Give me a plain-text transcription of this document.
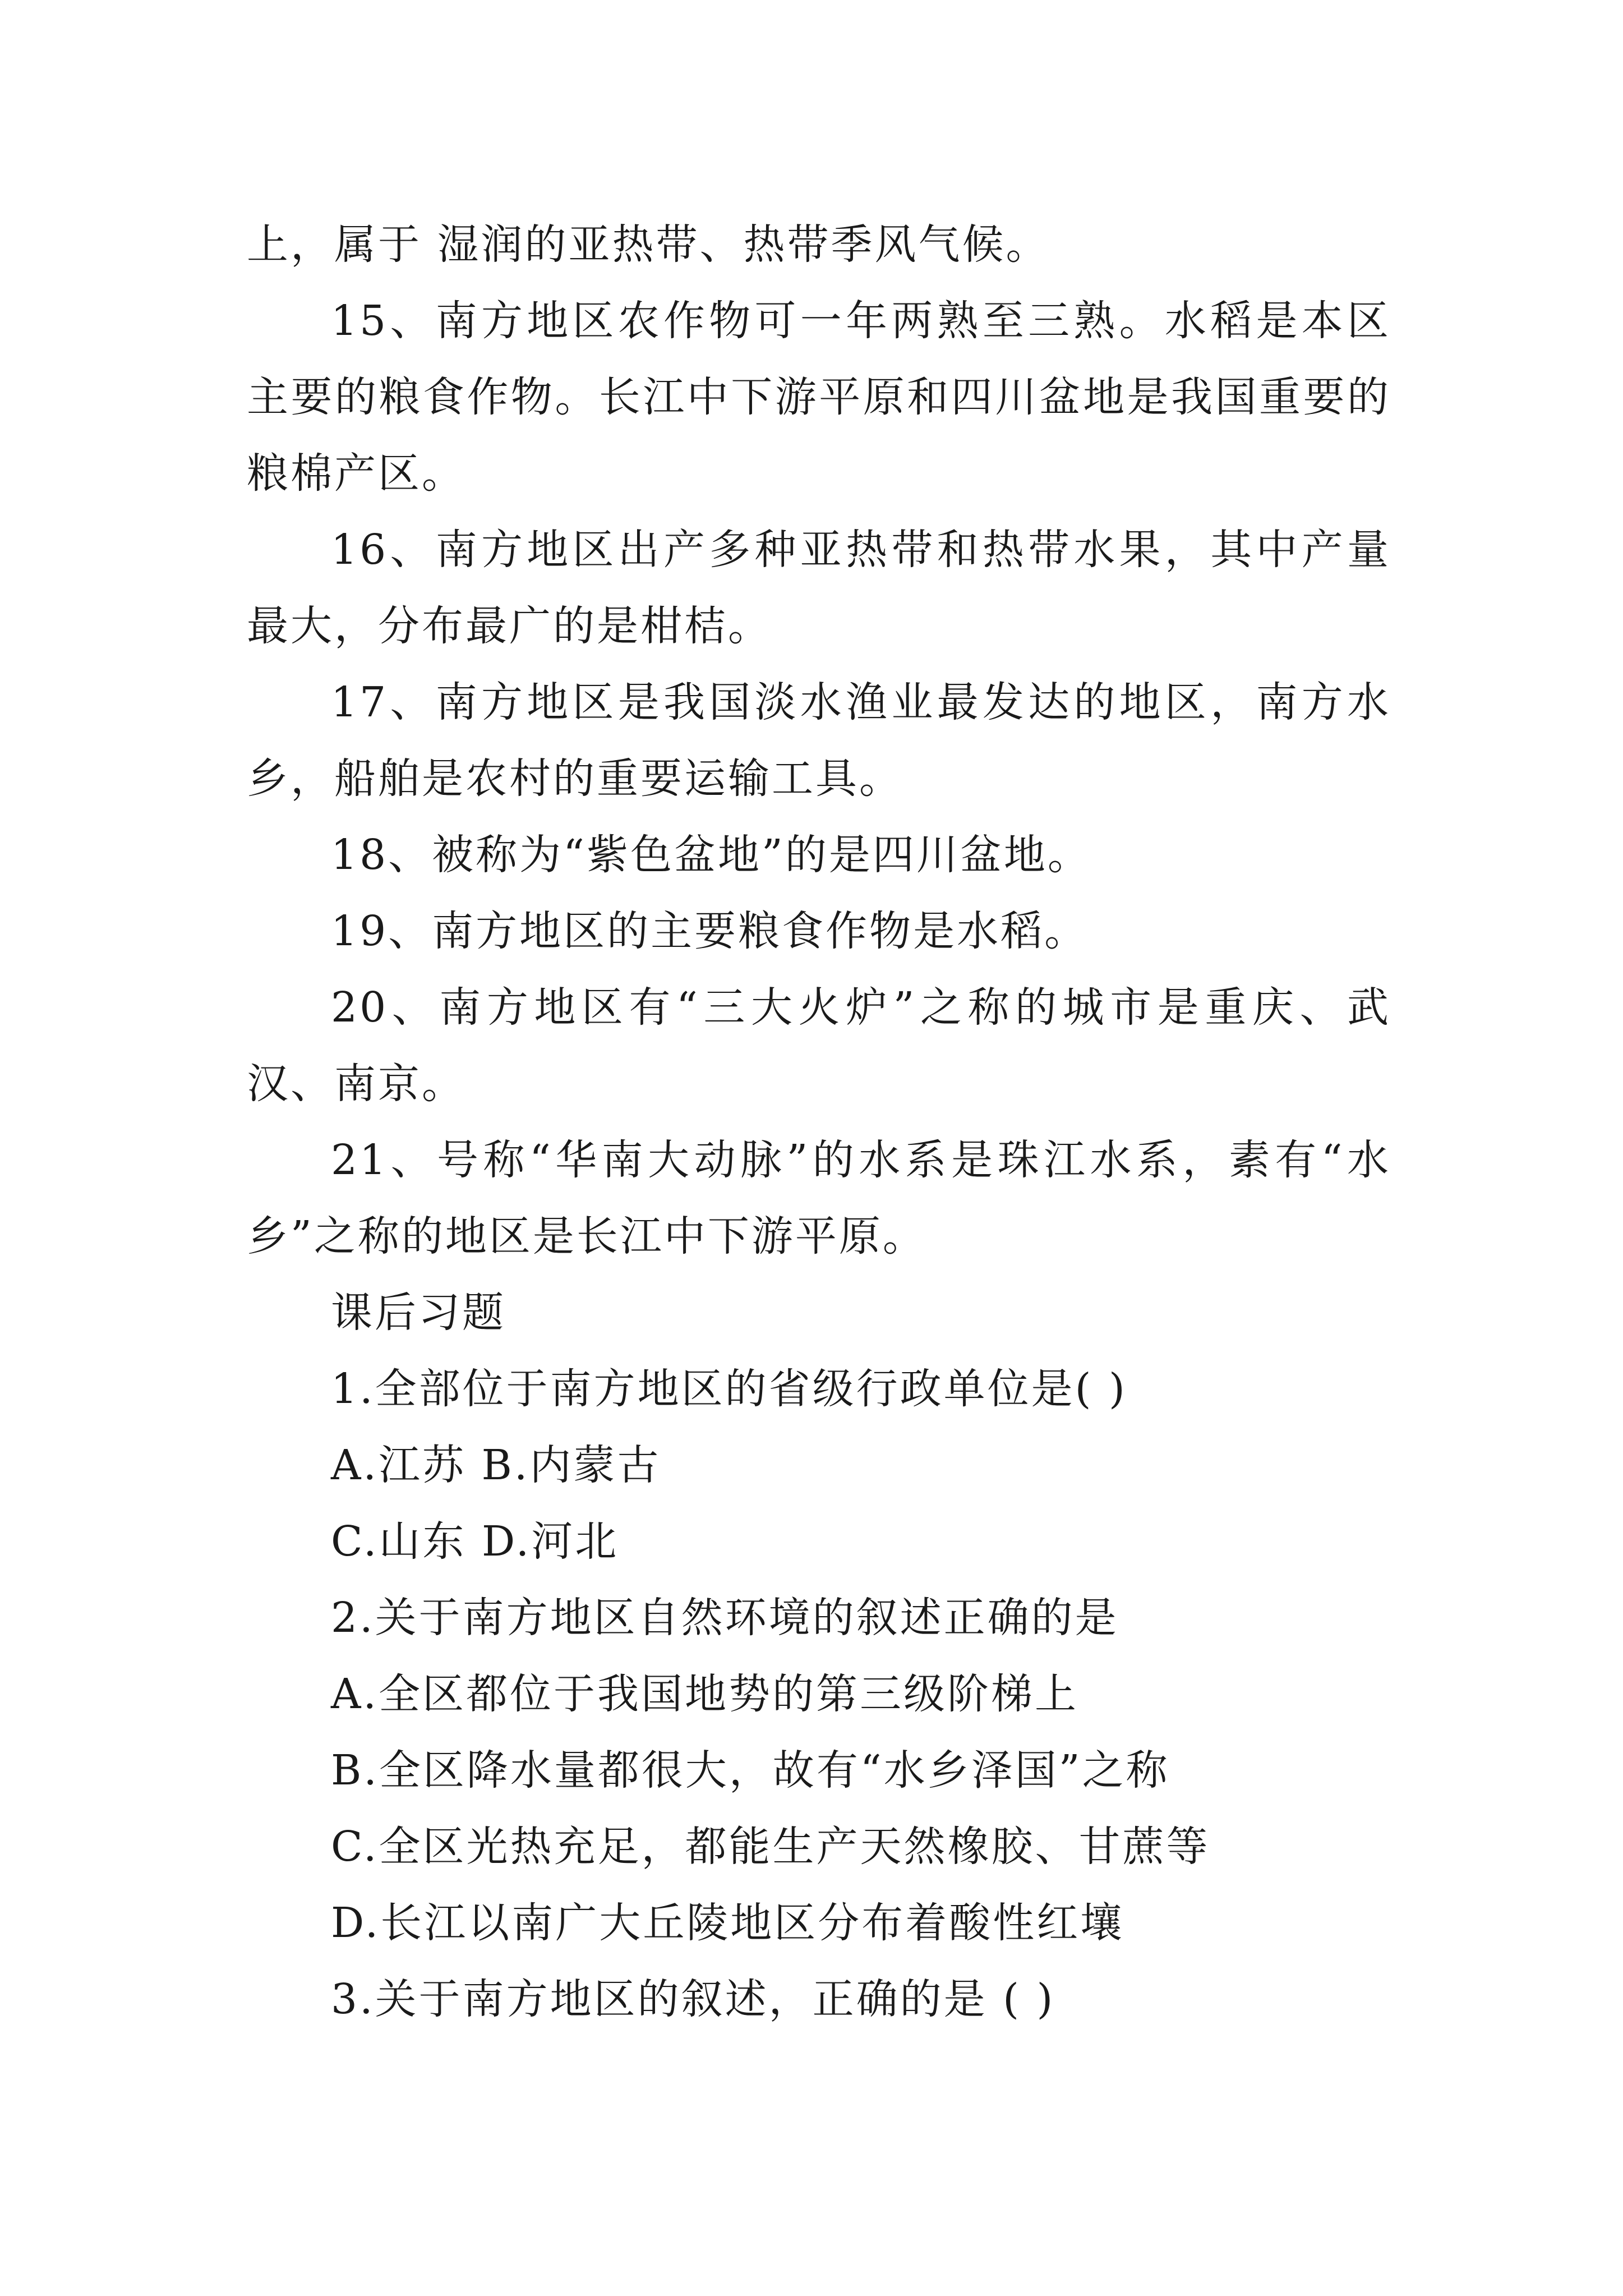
上，属于 湿润的亚热带、热带季风气候。

15、南方地区农作物可一年两熟至三熟。水稻是本区主要的粮食作物。长江中下游平原和四川盆地是我国重要的粮棉产区。

16、南方地区出产多种亚热带和热带水果，其中产量最大，分布最广的是柑桔。

17、南方地区是我国淡水渔业最发达的地区，南方水乡，船舶是农村的重要运输工具。

18、被称为“紫色盆地”的是四川盆地。

19、南方地区的主要粮食作物是水稻。

20、南方地区有“三大火炉”之称的城市是重庆、武汉、南京。

21、号称“华南大动脉”的水系是珠江水系，素有“水乡”之称的地区是长江中下游平原。

课后习题

1.全部位于南方地区的省级行政单位是( )

A.江苏 B.内蒙古

C.山东 D.河北

2.关于南方地区自然环境的叙述正确的是

A.全区都位于我国地势的第三级阶梯上

B.全区降水量都很大，故有“水乡泽国”之称

C.全区光热充足，都能生产天然橡胶、甘蔗等

D.长江以南广大丘陵地区分布着酸性红壤

3.关于南方地区的叙述，正确的是 ( )
